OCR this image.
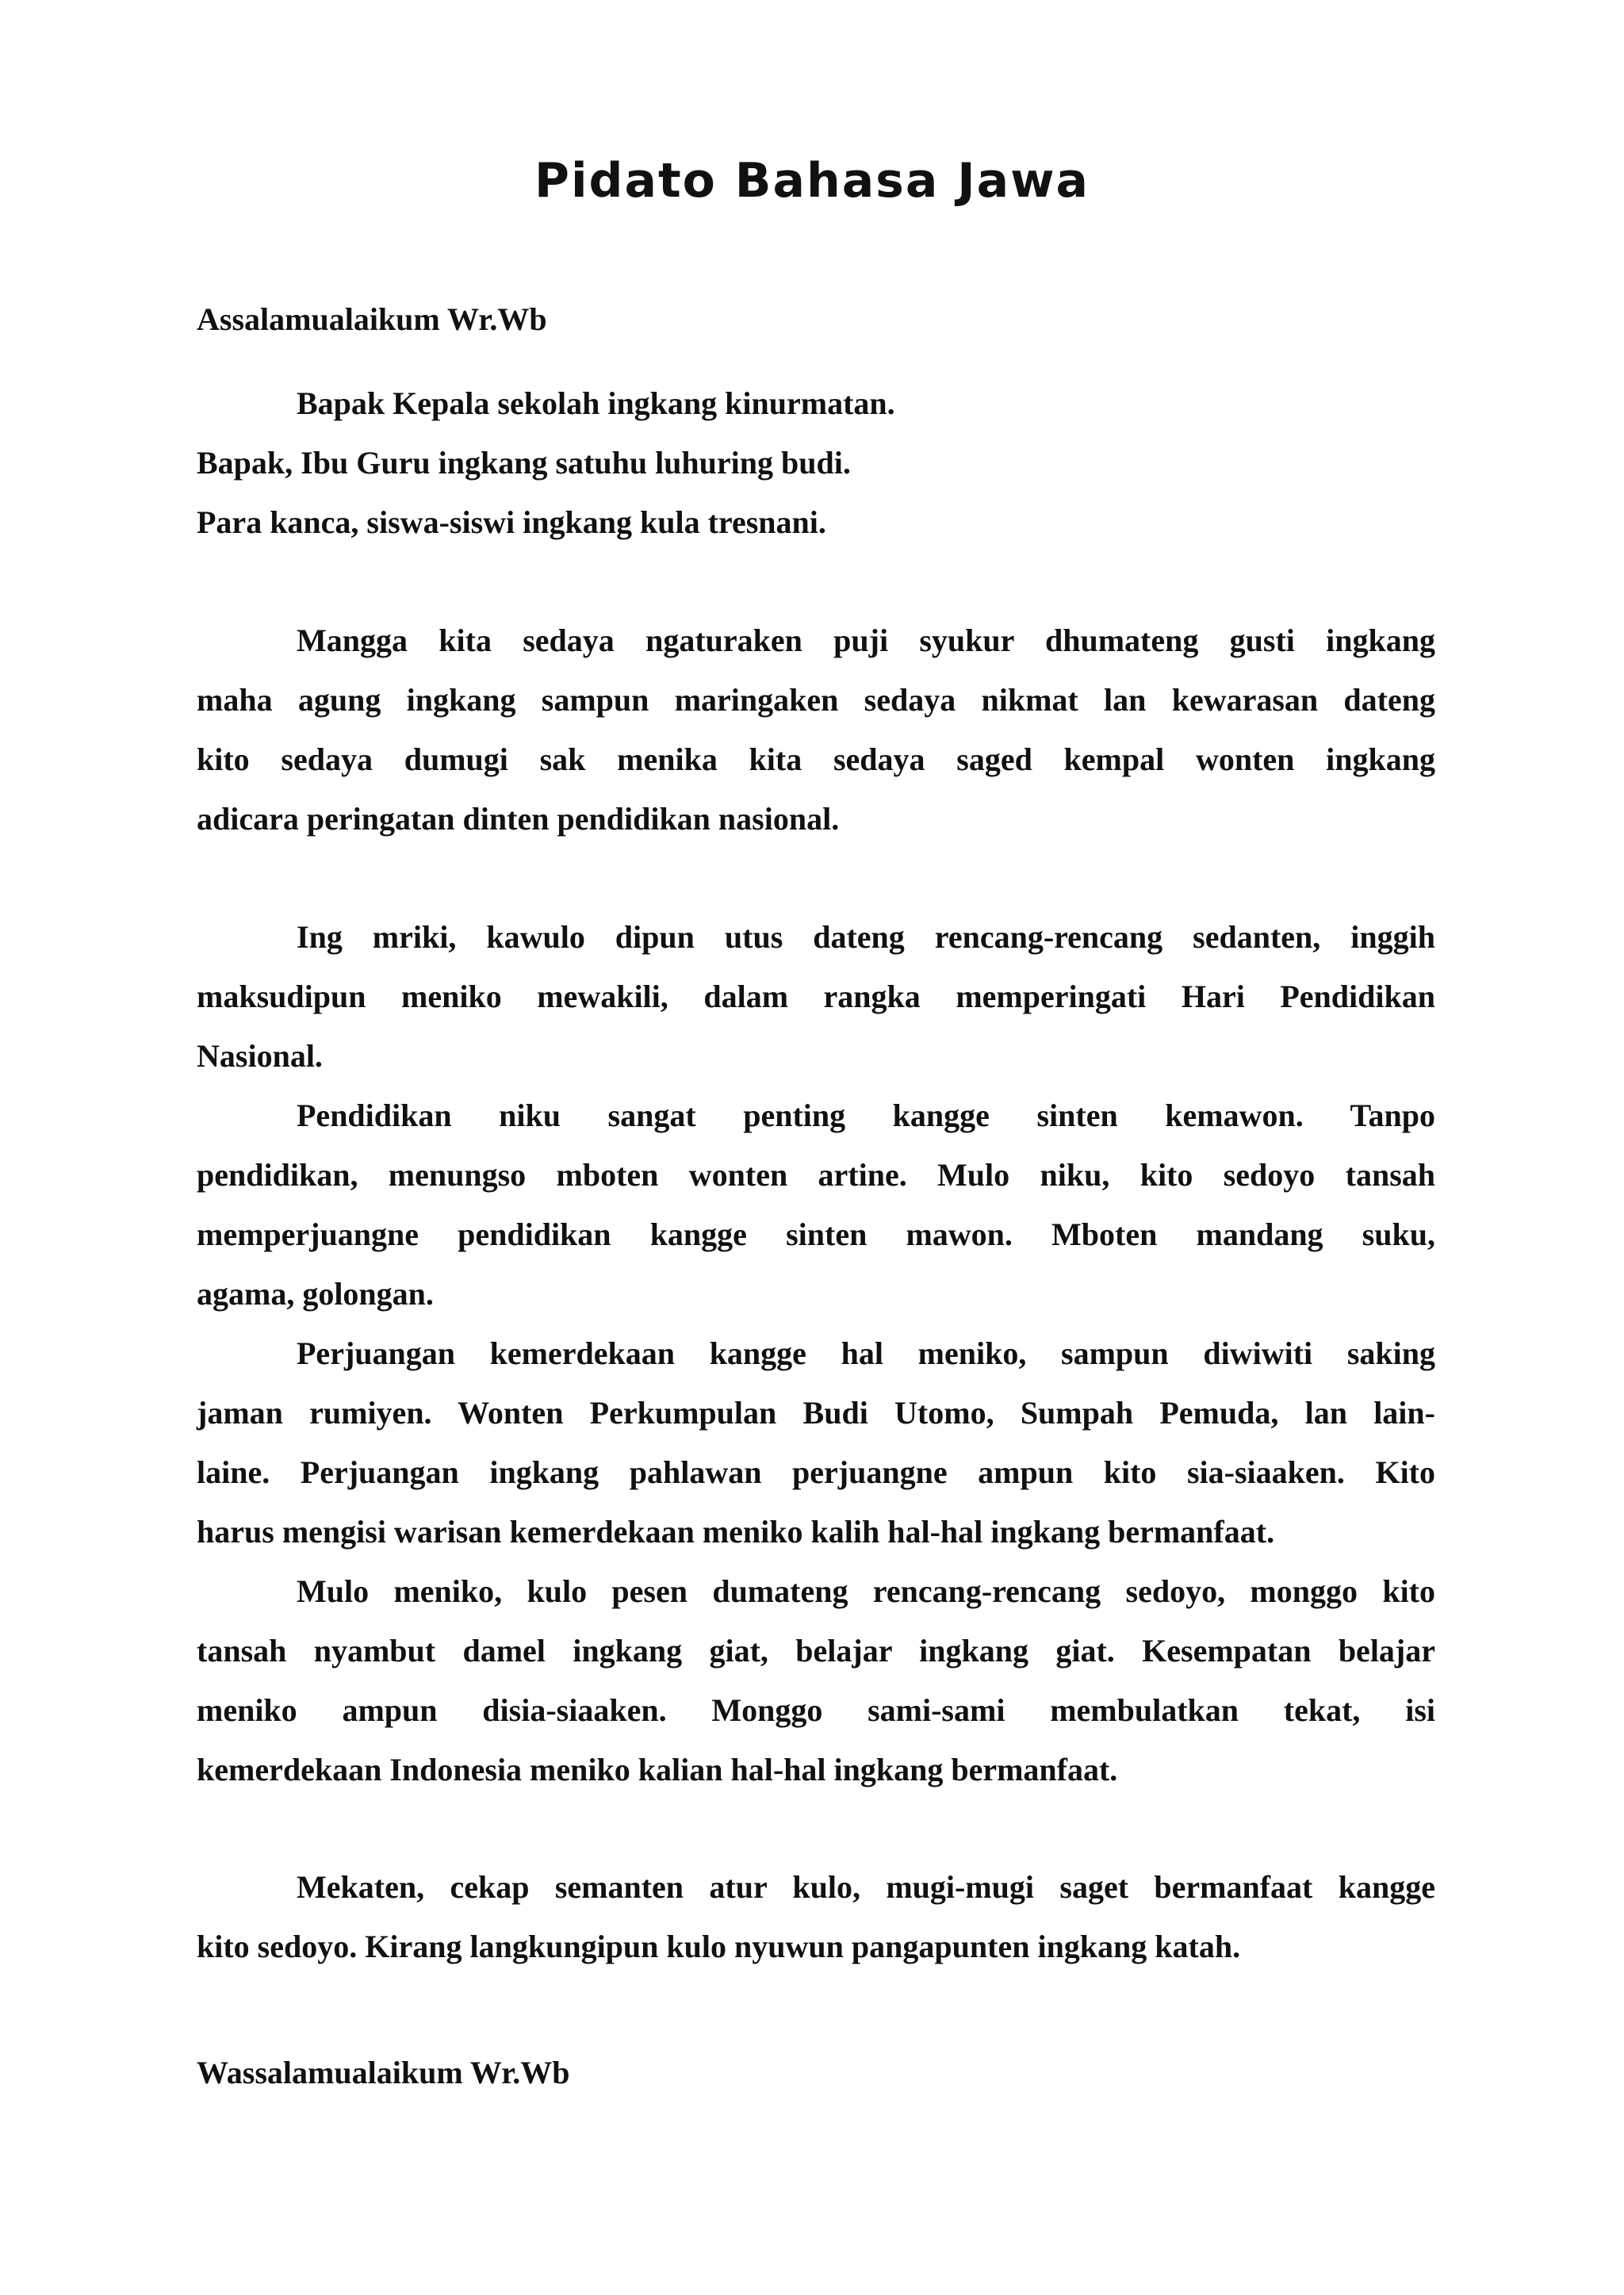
Pidato Bahasa Jawa

Assalamualaikum Wr.Wb

Bapak Kepala sekolah ingkang kinurmatan.
Bapak, Ibu Guru ingkang satuhu luhuring budi.
Para kanca, siswa-siswi ingkang kula tresnani.
Mangga kita sedaya ngaturaken puji syukur dhumateng gusti ingkang
maha agung ingkang sampun maringaken sedaya nikmat lan kewarasan dateng
kito sedaya dumugi sak menika kita sedaya saged kempal wonten ingkang
adicara peringatan dinten pendidikan nasional.
Ing mriki, kawulo dipun utus dateng rencang-rencang sedanten, inggih
maksudipun meniko mewakili, dalam rangka memperingati Hari Pendidikan
Nasional.
Pendidikan niku sangat penting kangge sinten kemawon. Tanpo
pendidikan, menungso mboten wonten artine. Mulo niku, kito sedoyo tansah
memperjuangne pendidikan kangge sinten mawon. Mboten mandang suku,
agama, golongan.
Perjuangan kemerdekaan kangge hal meniko, sampun diwiwiti saking
jaman rumiyen. Wonten Perkumpulan Budi Utomo, Sumpah Pemuda, lan lain-
laine. Perjuangan ingkang pahlawan perjuangne ampun kito sia-siaaken. Kito
harus mengisi warisan kemerdekaan meniko kalih hal-hal ingkang bermanfaat.
Mulo meniko, kulo pesen dumateng rencang-rencang sedoyo, monggo kito
tansah nyambut damel ingkang giat, belajar ingkang giat. Kesempatan belajar
meniko ampun disia-siaaken. Monggo sami-sami membulatkan tekat, isi
kemerdekaan Indonesia meniko kalian hal-hal ingkang bermanfaat.
Mekaten, cekap semanten atur kulo, mugi-mugi saget bermanfaat kangge
kito sedoyo. Kirang langkungipun kulo nyuwun pangapunten ingkang katah.

Wassalamualaikum Wr.Wb
